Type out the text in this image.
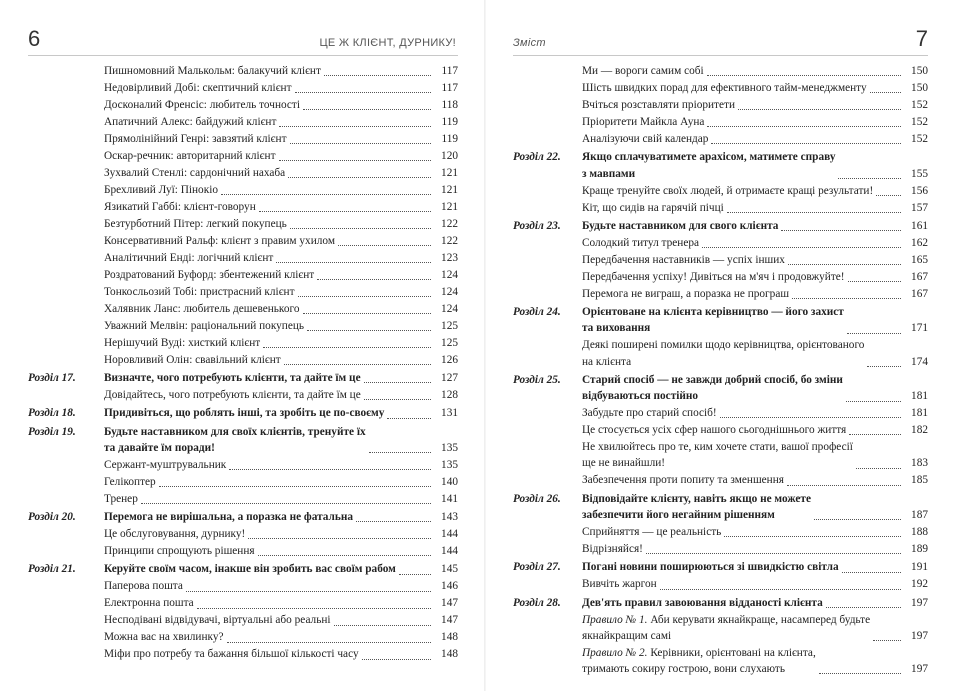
6	ЦЕ Ж КЛІЄНТ, ДУРНИКУ!
Пишномовний Малькольм: балакучий клієнт	117
Недовірливий Добі: скептичний клієнт	117
Досконалий Френсіс: любитель точності	118
Апатичний Алекс: байдужий клієнт	119
Прямолінійний Генрі: завзятий клієнт	119
Оскар-речник: авторитарний клієнт	120
Зухвалий Стенлі: сардонічний нахаба	121
Брехливий Луї: Пінокіо	121
Язикатий Габбі: клієнт-говорун	121
Безтурботний Пітер: легкий покупець	122
Консервативний Ральф: клієнт з правим ухилом	122
Аналітичний Енді: логічний клієнт	123
Роздратований Буфорд: збентежений клієнт	124
Тонкосльозий Тобі: пристрасний клієнт	124
Халявник Ланс: любитель дешевенького	124
Уважний Мелвін: раціональний покупець	125
Нерішучий Вуді: хисткий клієнт	125
Норовливий Олін: свавільний клієнт	126
Розділ 17.	Визначте, чого потребують клієнти, та дайте їм це	127
Довідайтесь, чого потребують клієнти, та дайте їм це	128
Розділ 18.	Придивіться, що роблять інші, та зробіть це по-своєму	131
Розділ 19.	Будьте наставником для своїх клієнтів, тренуйте їх
та давайте їм поради!	135
Сержант-муштрувальник	135
Гелікоптер	140
Тренер	141
Розділ 20.	Перемога не вирішальна, а поразка не фатальна	143
Це обслуговування, дурнику!	144
Принципи спрощують рішення	144
Розділ 21.	Керуйте своїм часом, інакше він зробить вас своїм рабом	145
Паперова пошта	146
Електронна пошта	147
Несподівані відвідувачі, віртуальні або реальні	147
Можна вас на хвилинку?	148
Міфи про потребу та бажання більшої кількості часу	148
7
Зміст
Ми — вороги самим собі	150
Шість швидких порад для ефективного тайм-менеджменту	150
Вчіться розставляти пріоритети	152
Пріоритети Майкла Ауна	152
Аналізуючи свій календар	152
Розділ 22.	Якщо сплачуватимете арахісом, матимете справу
з мавпами	155
Краще тренуйте своїх людей, й отримаєте кращі результати!	156
Кіт, що сидів на гарячій пічці	157
Розділ 23.	Будьте наставником для свого клієнта	161
Солодкий титул тренера	162
Передбачення наставників — успіх інших	165
Передбачення успіху! Дивіться на м'яч і продовжуйте!	167
Перемога не виграш, а поразка не програш	167
Розділ 24.	Орієнтоване на клієнта керівництво — його захист
та виховання	171
Деякі поширені помилки щодо керівництва, орієнтованого
на клієнта	174
Розділ 25.	Старий спосіб — не завжди добрий спосіб, бо зміни
відбуваються постійно	181
Забудьте про старий спосіб!	181
Це стосується усіх сфер нашого сьогоднішнього життя	182
Не хвилюйтесь про те, ким хочете стати, вашої професії
ще не винайшли!	183
Забезпечення проти попиту та зменшення	185
Розділ 26.	Відповідайте клієнту, навіть якщо не можете
забезпечити його негайним рішенням	187
Сприйняття — це реальність	188
Відрізняйся!	189
Розділ 27.	Погані новини поширюються зі швидкістю світла	191
Вивчіть жаргон	192
Розділ 28.	Дев'ять правил завоювання відданості клієнта	197
Правило № 1. Аби керувати якнайкраще, насамперед будьте
якнайкращим самі	197
Правило № 2. Керівники, орієнтовані на клієнта,
тримають сокиру гострою, вони слухають	197
